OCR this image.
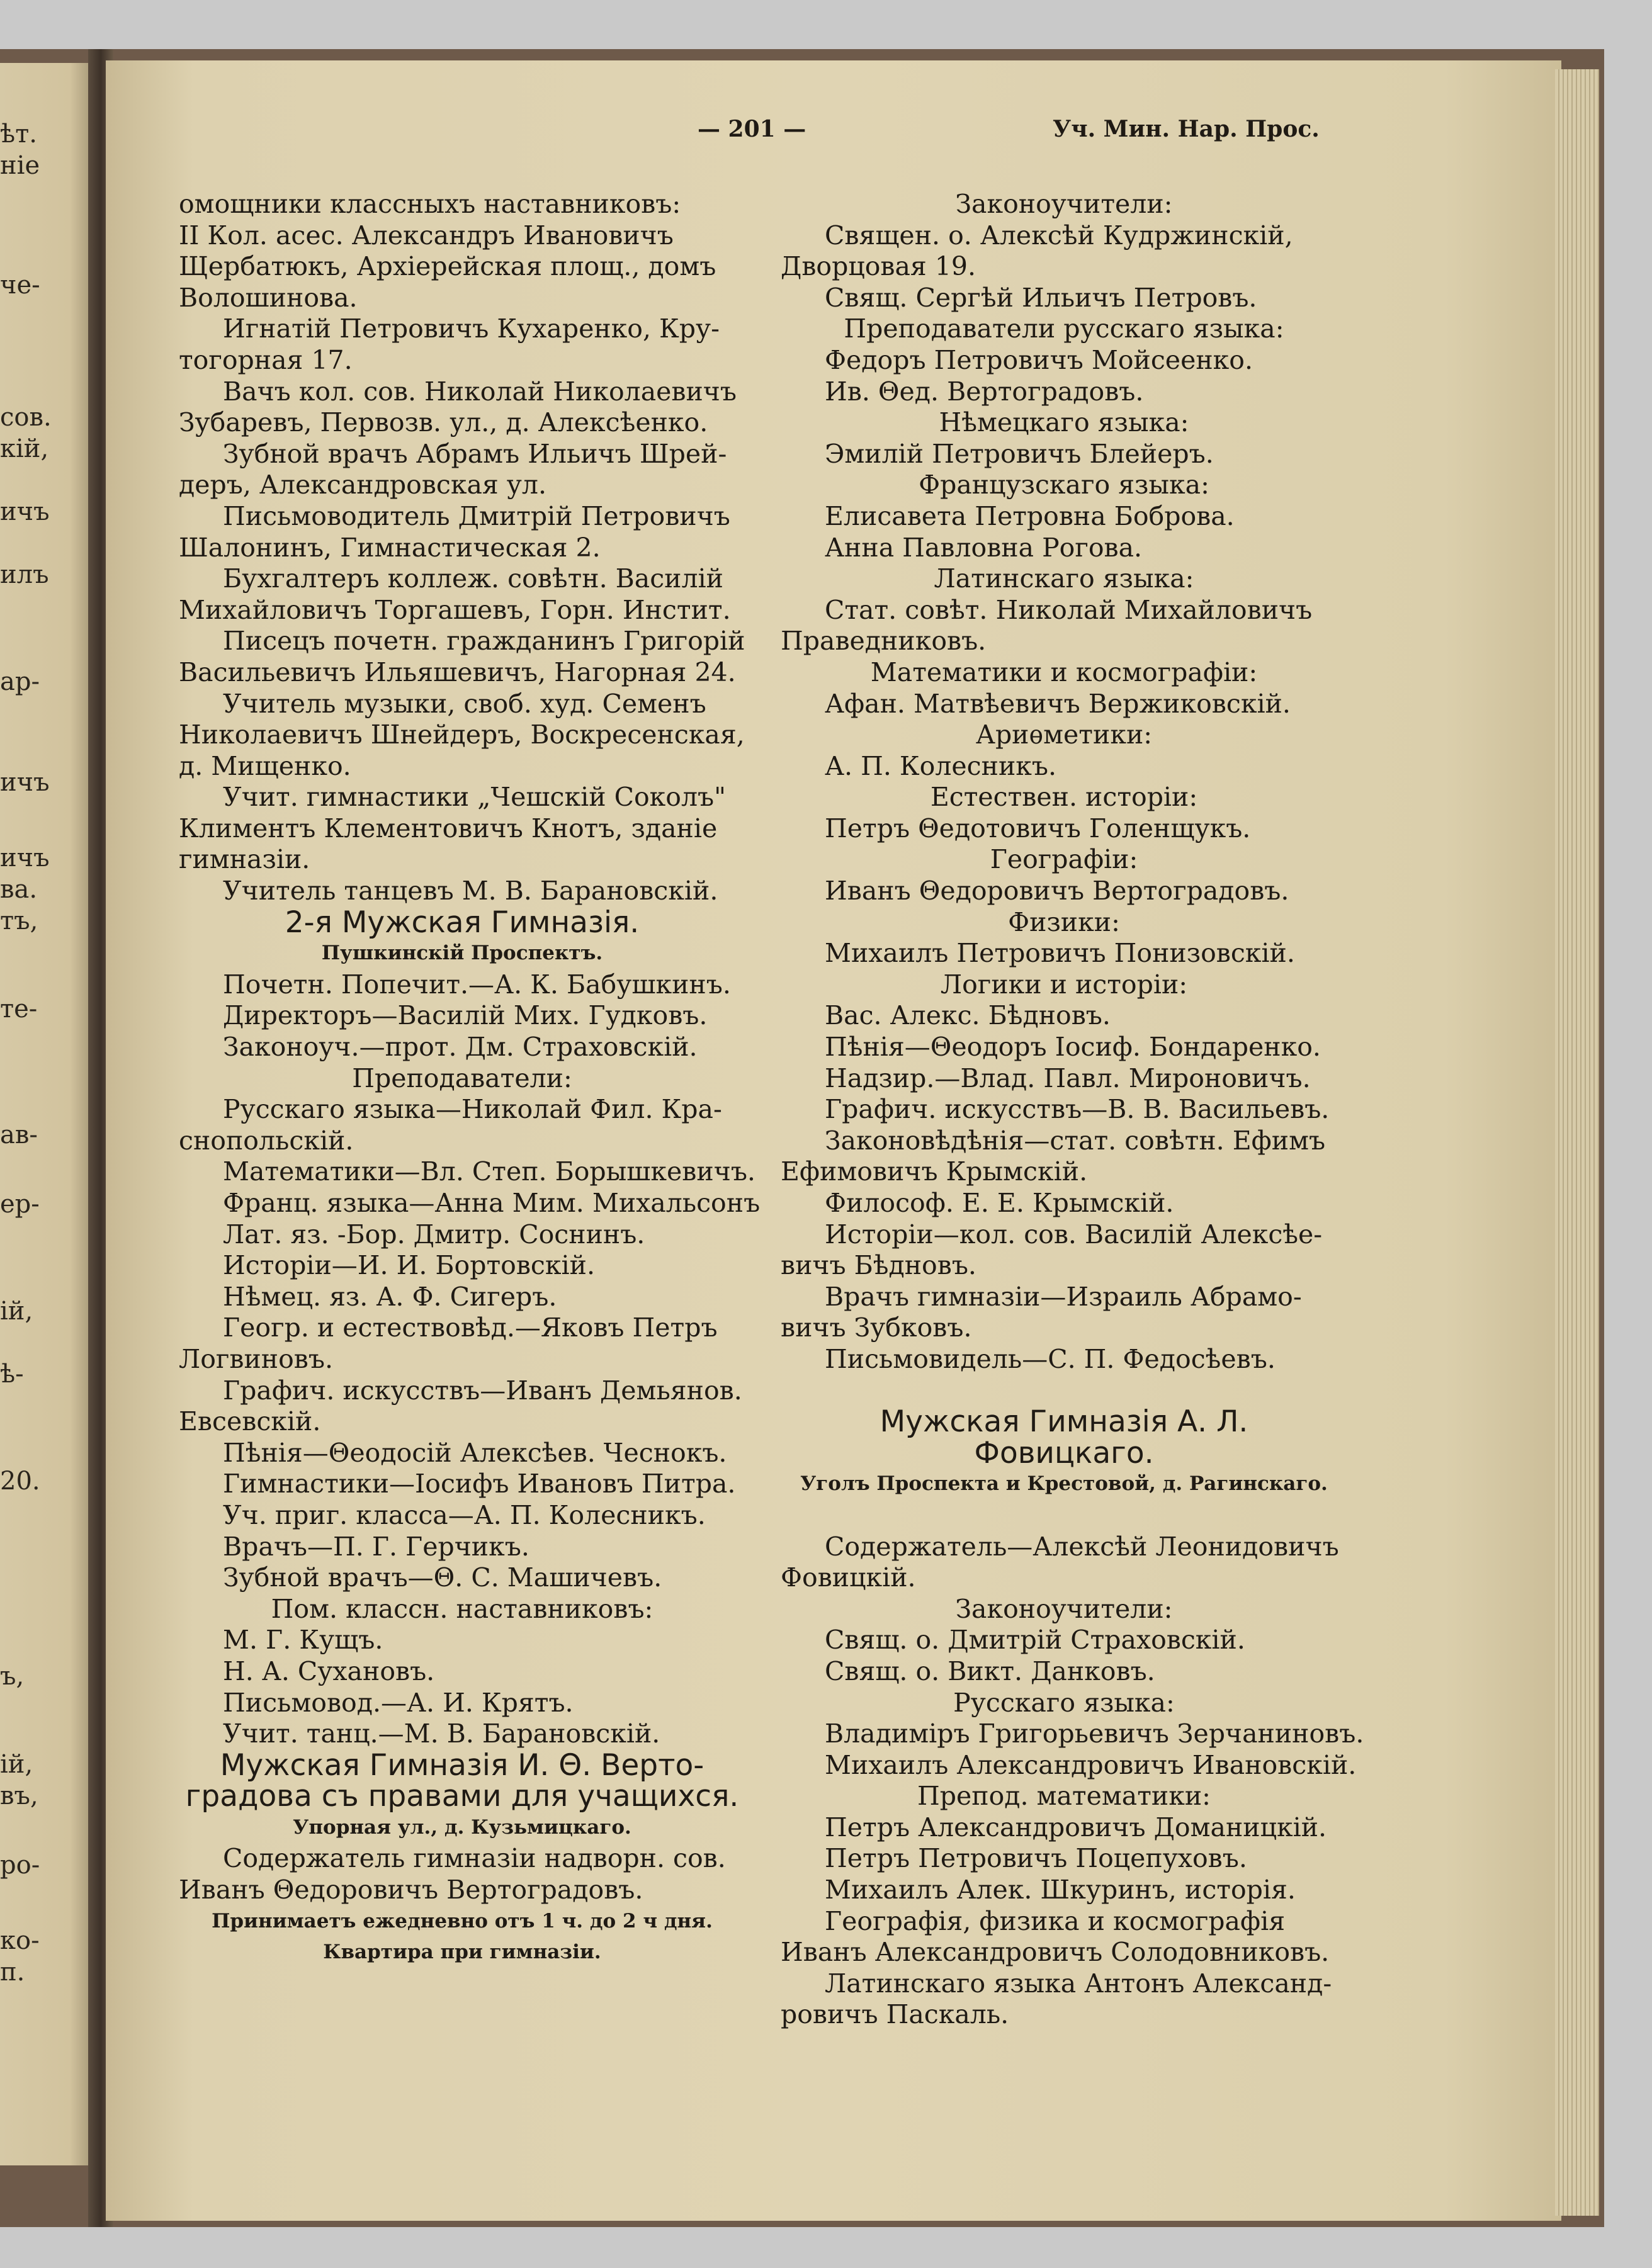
ѣт.
ніе
че-
сов.
кій,
ичъ
илъ
ар-
ичъ
ичъ
ва.
тъ,
те-
ав-
ер-
ій,
ѣ-
20.
ъ,
ій,
въ,
ро-
ко-
п.
— 201 —	Уч. Мин. Нар. Прос.
омощники классныхъ наставниковъ:
II Кол. асес. Александръ Ивановичъ
Щербатюкъ, Архіерейская площ., домъ
Волошинова.
Игнатій Петровичъ Кухаренко, Кру-
тогорная 17.
Вачъ кол. сов. Николай Николаевичъ
Зубаревъ, Первозв. ул., д. Алексѣенко.
Зубной врачъ Абрамъ Ильичъ Шрей-
деръ, Александровская ул.
Письмоводитель Дмитрій Петровичъ
Шалонинъ, Гимнастическая 2.
Бухгалтеръ коллеж. совѣтн. Василій
Михайловичъ Торгашевъ, Горн. Инстит.
Писецъ почетн. гражданинъ Григорій
Васильевичъ Ильяшевичъ, Нагорная 24.
Учитель музыки, своб. худ. Семенъ
Николаевичъ Шнейдеръ, Воскресенская,
д. Мищенко.
Учит. гимнастики „Чешскій Соколъ"
Климентъ Клементовичъ Кнотъ, зданіе
гимназіи.
Учитель танцевъ М. В. Барановскій.
2-я Мужская Гимназія.
Пушкинскій Проспектъ.
Почетн. Попечит.—А. К. Бабушкинъ.
Директоръ—Василій Мих. Гудковъ.
Законоуч.—прот. Дм. Страховскій.
Преподаватели:
Русскаго языка—Николай Фил. Кра-
снопольскій.
Математики—Вл. Степ. Борышкевичъ.
Франц. языка—Анна Мим. Михальсонъ
Лат. яз. -Бор. Дмитр. Соснинъ.
Исторіи—И. И. Бортовскій.
Нѣмец. яз. А. Ф. Сигеръ.
Геогр. и естествовѣд.—Яковъ Петръ
Логвиновъ.
Графич. искусствъ—Иванъ Демьянов.
Евсевскій.
Пѣнія—Θеодосій Алексѣев. Чеснокъ.
Гимнастики—Іосифъ Ивановъ Питра.
Уч. приг. класса—А. П. Колесникъ.
Врачъ—П. Г. Герчикъ.
Зубной врачъ—Θ. С. Машичевъ.
Пом. классн. наставниковъ:
М. Г. Кущъ.
Н. А. Сухановъ.
Письмовод.—А. И. Крятъ.
Учит. танц.—М. В. Барановскій.
Мужская Гимназія И. Θ. Верто-
градова съ правами для учащихся.
Упорная ул., д. Кузьмицкаго.
Содержатель гимназіи надворн. сов.
Иванъ Θедоровичъ Вертоградовъ.
Принимаетъ ежедневно отъ 1 ч. до 2 ч дня.
Квартира при гимназіи.
Законоучители:
Священ. о. Алексѣй Кудржинскій,
Дворцовая 19.
Свящ. Сергѣй Ильичъ Петровъ.
Преподаватели русскаго языка:
Федоръ Петровичъ Мойсеенко.
Ив. Θед. Вертоградовъ.
Нѣмецкаго языка:
Эмилій Петровичъ Блейеръ.
Французскаго языка:
Елисавета Петровна Боброва.
Анна Павловна Рогова.
Латинскаго языка:
Стат. совѣт. Николай Михайловичъ
Праведниковъ.
Математики и космографіи:
Афан. Матвѣевичъ Вержиковскій.
Ариѳметики:
А. П. Колесникъ.
Естествен. исторіи:
Петръ Θедотовичъ Голенщукъ.
Географіи:
Иванъ Θедоровичъ Вертоградовъ.
Физики:
Михаилъ Петровичъ Понизовскій.
Логики и исторіи:
Вас. Алекс. Бѣдновъ.
Пѣнія—Θеодоръ Іосиф. Бондаренко.
Надзир.—Влад. Павл. Мироновичъ.
Графич. искусствъ—В. В. Васильевъ.
Законовѣдѣнія—стат. совѣтн. Ефимъ
Ефимовичъ Крымскій.
Философ. Е. Е. Крымскій.
Исторіи—кол. сов. Василій Алексѣе-
вичъ Бѣдновъ.
Врачъ гимназіи—Израиль Абрамо-
вичъ Зубковъ.
Письмовидель—С. П. Федосѣевъ.
Мужская Гимназія А. Л.
Фовицкаго.
Уголъ Проспекта и Крестовой, д. Рагинскаго.
Содержатель—Алексѣй Леонидовичъ
Фовицкій.
Законоучители:
Свящ. о. Дмитрій Страховскій.
Свящ. о. Викт. Данковъ.
Русскаго языка:
Владиміръ Григорьевичъ Зерчаниновъ.
Михаилъ Александровичъ Ивановскій.
Препод. математики:
Петръ Александровичъ Доманицкій.
Петръ Петровичъ Поцепуховъ.
Михаилъ Алек. Шкуринъ, исторія.
Географія, физика и космографія
Иванъ Александровичъ Солодовниковъ.
Латинскаго языка Антонъ Александ-
ровичъ Паскаль.
